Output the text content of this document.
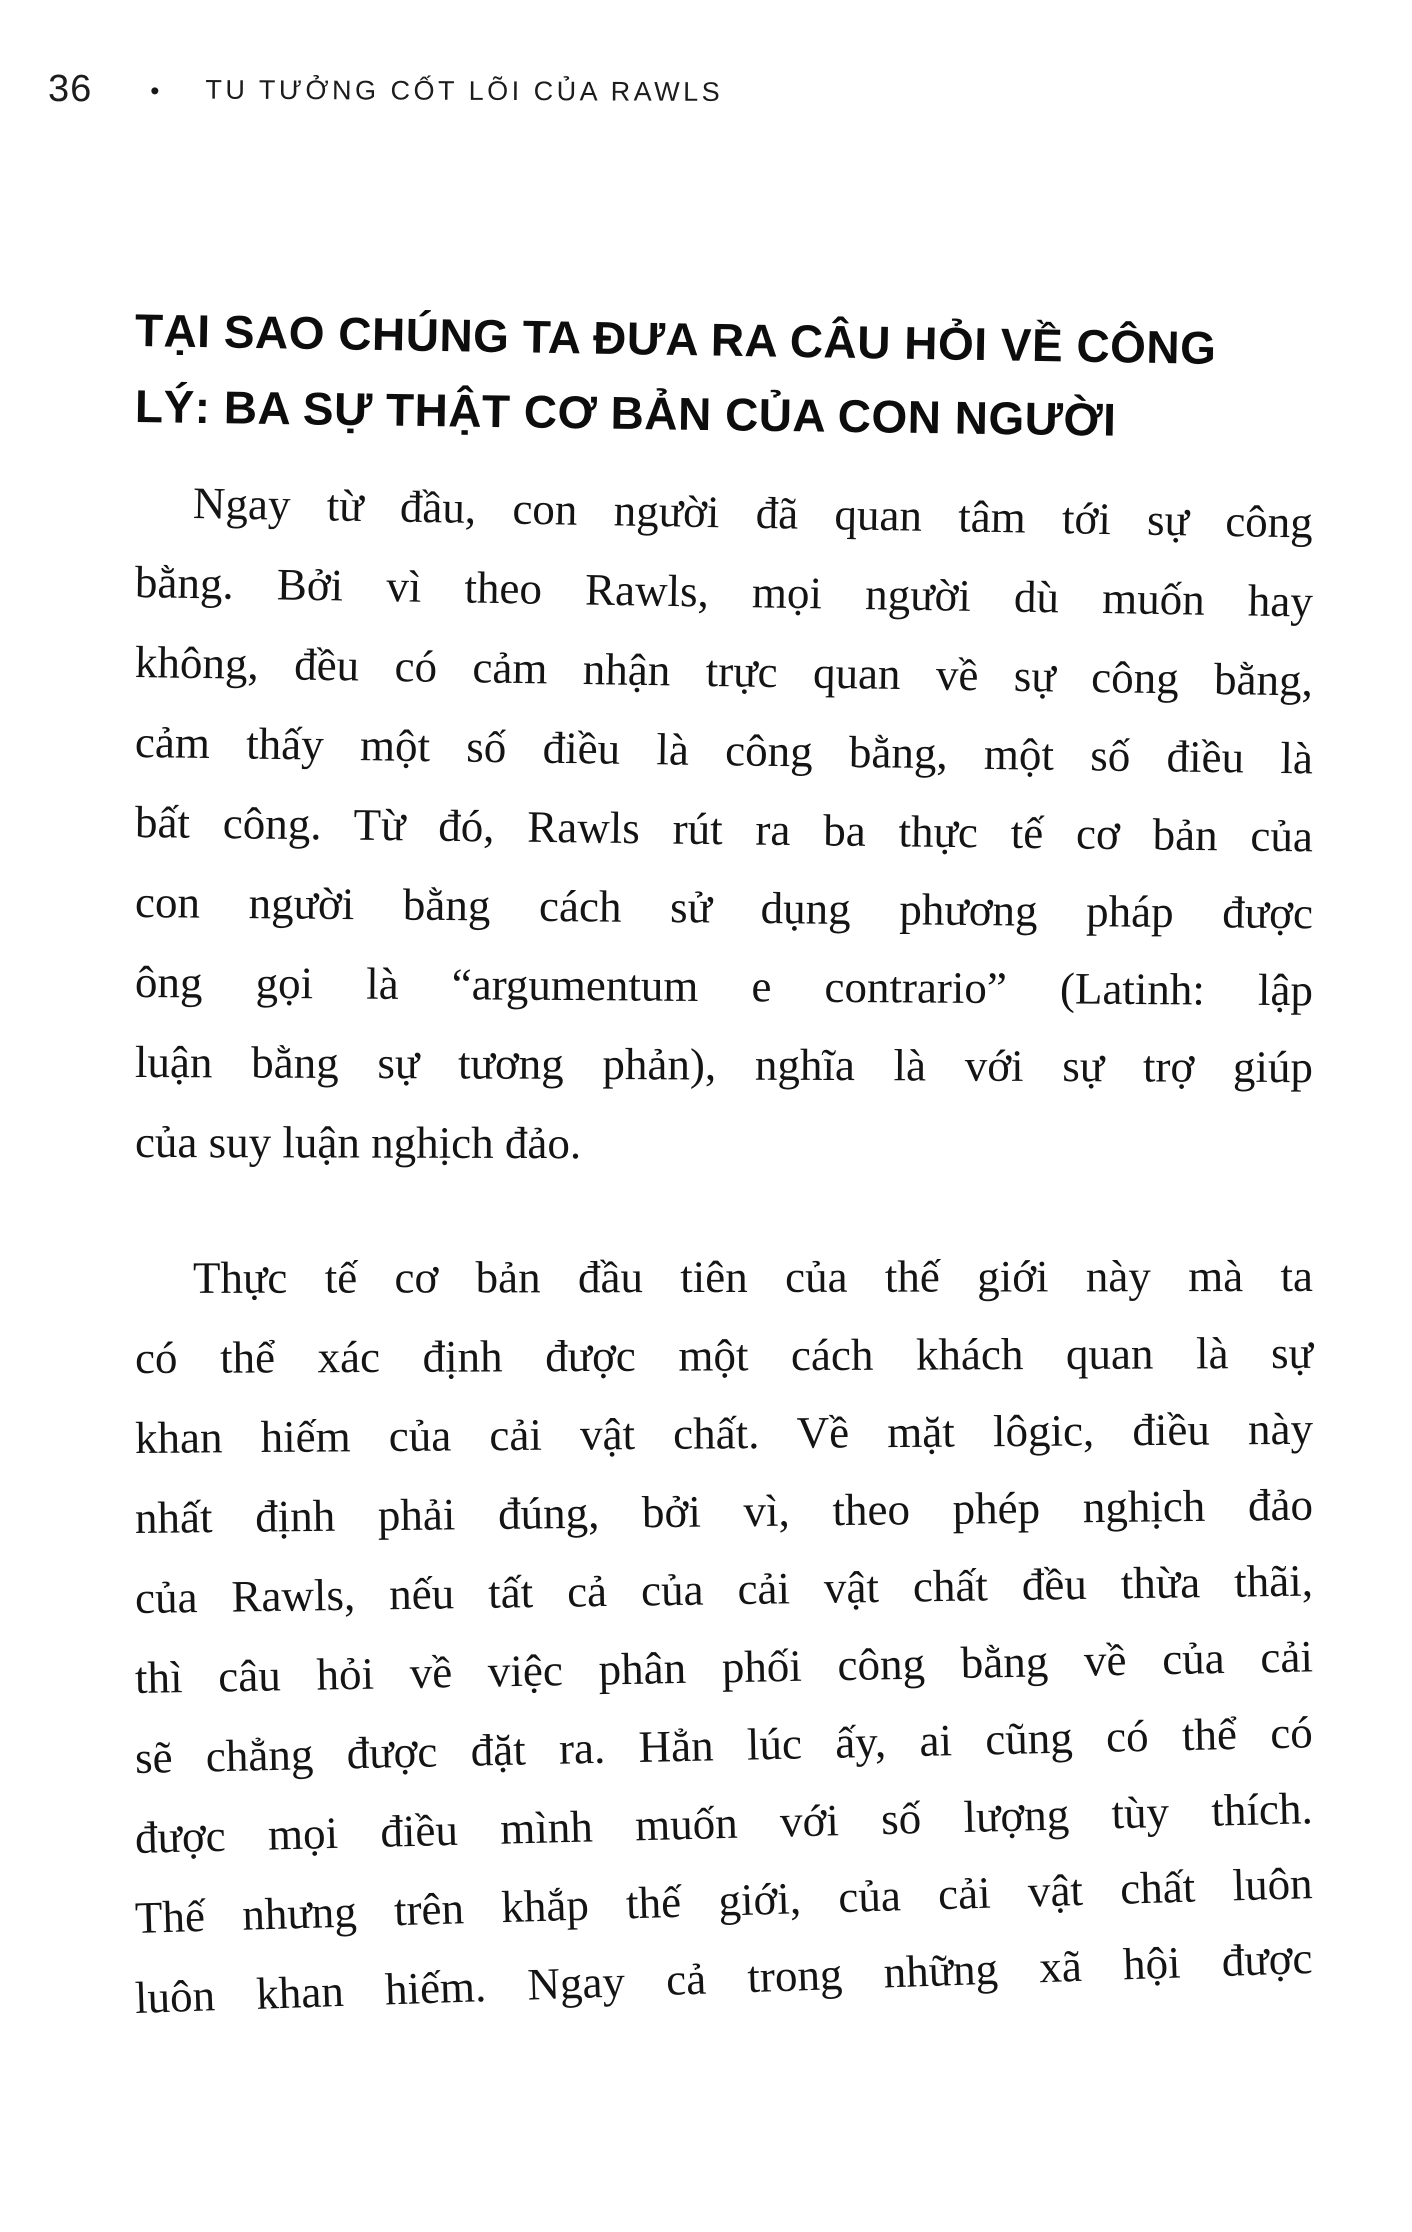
36 • TU TƯỞNG CỐT LÕI CỦA RAWLS
TẠI SAO CHÚNG TA ĐƯA RA CÂU HỎI VỀ CÔNG
LÝ: BA SỰ THẬT CƠ BẢN CỦA CON NGƯỜI
Ngay từ đầu, con người đã quan tâm tới sự công
bằng. Bởi vì theo Rawls, mọi người dù muốn hay
không, đều có cảm nhận trực quan về sự công bằng,
cảm thấy một số điều là công bằng, một số điều là
bất công. Từ đó, Rawls rút ra ba thực tế cơ bản của
con người bằng cách sử dụng phương pháp được
ông gọi là “argumentum e contrario” (Latinh: lập
luận bằng sự tương phản), nghĩa là với sự trợ giúp
của suy luận nghịch đảo.
Thực tế cơ bản đầu tiên của thế giới này mà ta
có thể xác định được một cách khách quan là sự
khan hiếm của cải vật chất. Về mặt lôgic, điều này
nhất định phải đúng, bởi vì, theo phép nghịch đảo
của Rawls, nếu tất cả của cải vật chất đều thừa thãi,
thì câu hỏi về việc phân phối công bằng về của cải
sẽ chẳng được đặt ra. Hẳn lúc ấy, ai cũng có thể có
được mọi điều mình muốn với số lượng tùy thích.
Thế nhưng trên khắp thế giới, của cải vật chất luôn
luôn khan hiếm. Ngay cả trong những xã hội được
